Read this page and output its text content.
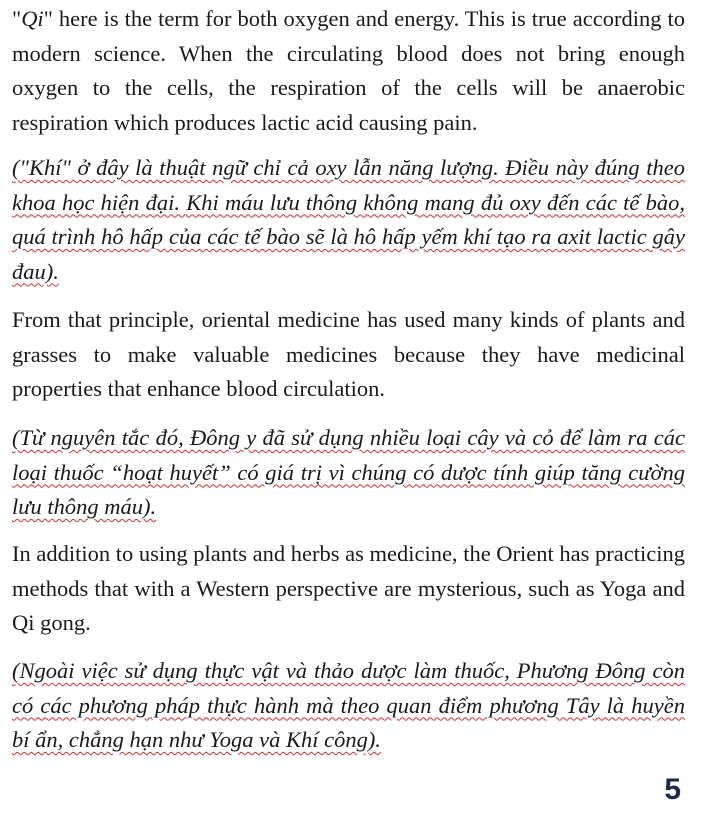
"Qi" here is the term for both oxygen and energy. This is true according to modern science. When the circulating blood does not bring enough oxygen to the cells, the respiration of the cells will be anaerobic respiration which produces lactic acid causing pain.

("Khí" ở đây là thuật ngữ chỉ cả oxy lẫn năng lượng. Điều này đúng theo khoa học hiện đại. Khi máu lưu thông không mang đủ oxy đến các tế bào, quá trình hô hấp của các tế bào sẽ là hô hấp yếm khí tạo ra axit lactic gây đau).

From that principle, oriental medicine has used many kinds of plants and grasses to make valuable medicines because they have medicinal properties that enhance blood circulation.

(Từ nguyên tắc đó, Đông y đã sử dụng nhiều loại cây và cỏ để làm ra các loại thuốc “hoạt huyết” có giá trị vì chúng có dược tính giúp tăng cường lưu thông máu).

In addition to using plants and herbs as medicine, the Orient has practicing methods that with a Western perspective are mysterious, such as Yoga and Qi gong.

(Ngoài việc sử dụng thực vật và thảo dược làm thuốc, Phương Đông còn có các phương pháp thực hành mà theo quan điểm phương Tây là huyền bí ẩn, chẳng hạn như Yoga và Khí công).

5
